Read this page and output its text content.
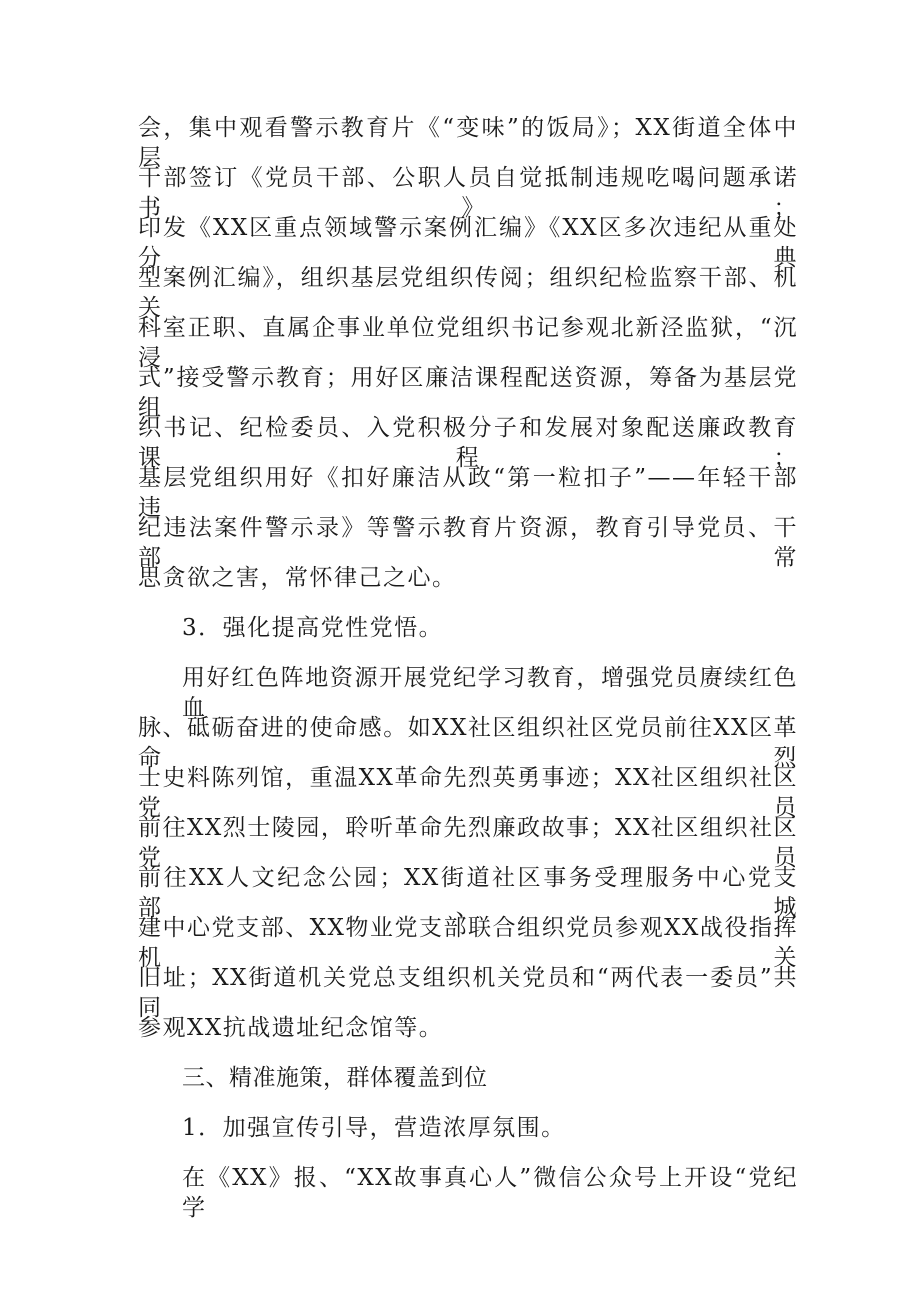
会，集中观看警示教育片《“变味”的饭局》；XX街道全体中层
干部签订《党员干部、公职人员自觉抵制违规吃喝问题承诺书》；
印发《XX区重点领域警示案例汇编》《XX区多次违纪从重处分典
型案例汇编》，组织基层党组织传阅；组织纪检监察干部、机关
科室正职、直属企事业单位党组织书记参观北新泾监狱，“沉浸
式”接受警示教育；用好区廉洁课程配送资源，筹备为基层党组
织书记、纪检委员、入党积极分子和发展对象配送廉政教育课程；
基层党组织用好《扣好廉洁从政“第一粒扣子”——年轻干部违
纪违法案件警示录》等警示教育片资源，教育引导党员、干部常
思贪欲之害，常怀律己之心。
3．强化提高党性党悟。
用好红色阵地资源开展党纪学习教育，增强党员赓续红色血
脉、砥砺奋进的使命感。如XX社区组织社区党员前往XX区革命烈
士史料陈列馆，重温XX革命先烈英勇事迹；XX社区组织社区党员
前往XX烈士陵园，聆听革命先烈廉政故事；XX社区组织社区党员
前往XX人文纪念公园；XX街道社区事务受理服务中心党支部、城
建中心党支部、XX物业党支部联合组织党员参观XX战役指挥机关
旧址；XX街道机关党总支组织机关党员和“两代表一委员”共同
参观XX抗战遗址纪念馆等。
三、精准施策，群体覆盖到位
1．加强宣传引导，营造浓厚氛围。
在《XX》报、“XX故事真心人”微信公众号上开设“党纪学
